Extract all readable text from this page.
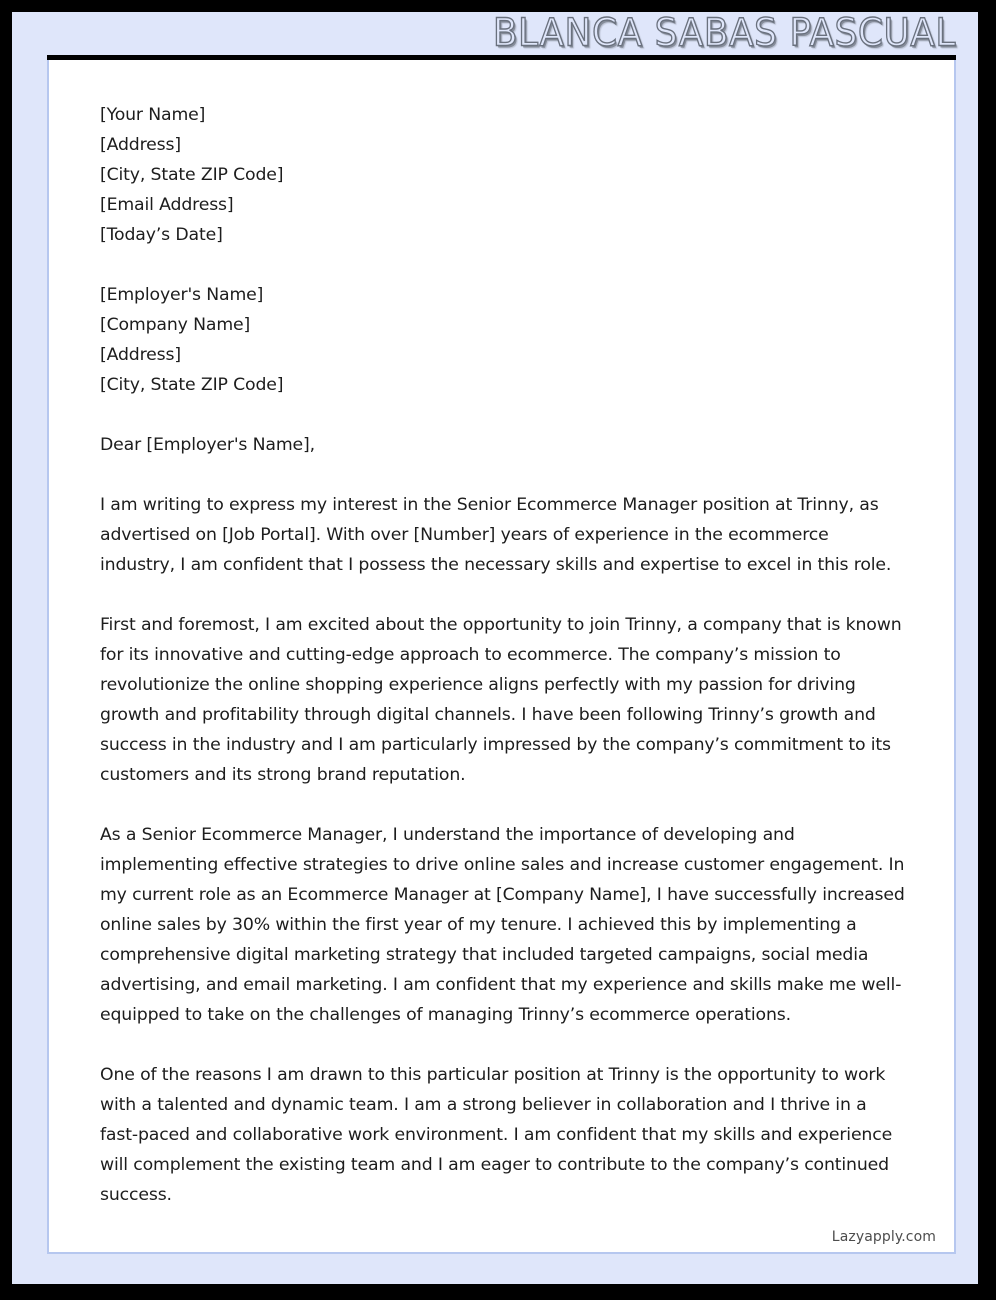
BLANCA SABAS PASCUAL
[Your Name]
[Address]
[City, State ZIP Code]
[Email Address]
[Today’s Date]
[Employer's Name]
[Company Name]
[Address]
[City, State ZIP Code]
Dear [Employer's Name],

I am writing to express my interest in the Senior Ecommerce Manager position at Trinny, as advertised on [Job Portal]. With over [Number] years of experience in the ecommerce industry, I am confident that I possess the necessary skills and expertise to excel in this role.

First and foremost, I am excited about the opportunity to join Trinny, a company that is known for its innovative and cutting-edge approach to ecommerce. The company’s mission to revolutionize the online shopping experience aligns perfectly with my passion for driving growth and profitability through digital channels. I have been following Trinny’s growth and success in the industry and I am particularly impressed by the company’s commitment to its customers and its strong brand reputation.

As a Senior Ecommerce Manager, I understand the importance of developing and implementing effective strategies to drive online sales and increase customer engagement. In my current role as an Ecommerce Manager at [Company Name], I have successfully increased online sales by 30% within the first year of my tenure. I achieved this by implementing a comprehensive digital marketing strategy that included targeted campaigns, social media advertising, and email marketing. I am confident that my experience and skills make me well-equipped to take on the challenges of managing Trinny’s ecommerce operations.

One of the reasons I am drawn to this particular position at Trinny is the opportunity to work with a talented and dynamic team. I am a strong believer in collaboration and I thrive in a fast-paced and collaborative work environment. I am confident that my skills and experience will complement the existing team and I am eager to contribute to the company’s continued success.

Lazyapply.com
